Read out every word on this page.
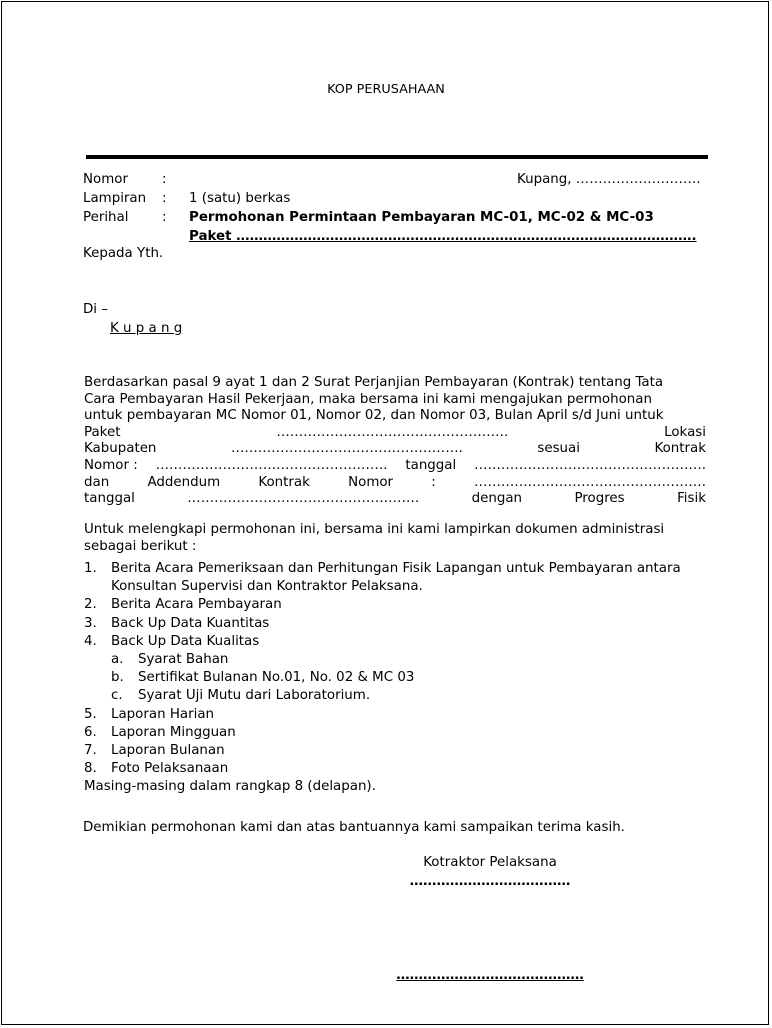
KOP PERUSAHAAN
Nomor	:	Kupang, ……………………….
Lampiran : 1 (satu) berkas
Perihal	: Permohonan Permintaan Pembayaran MC-01, MC-02 & MC-03
Paket ………………………………………………………………………………………….
Kepada Yth.
Di –
K u p a n g
Berdasarkan pasal 9 ayat 1 dan 2 Surat Perjanjian Pembayaran (Kontrak) tentang Tata
Cara Pembayaran Hasil Pekerjaan, maka bersama ini kami mengajukan permohonan
untuk pembayaran MC Nomor 01, Nomor 02, dan Nomor 03, Bulan April s/d Juni untuk
Paket	…………………………………………….	Lokasi
Kabupaten	…………………………………………….	sesuai	Kontrak
Nomor : ……………………………………………. tanggal …………………………………………….
dan	Addendum	Kontrak	Nomor	:	…………………………………………….
tanggal	…………………………………………….	dengan	Progres	Fisik
Untuk melengkapi permohonan ini, bersama ini kami lampirkan dokumen administrasi
sebagai berikut :
1.	Berita Acara Pemeriksaan dan Perhitungan Fisik Lapangan untuk Pembayaran antara
Konsultan Supervisi dan Kontraktor Pelaksana.
2.	Berita Acara Pembayaran
3.	Back Up Data Kuantitas
4.	Back Up Data Kualitas
a.	Syarat Bahan
b.	Sertifikat Bulanan No.01, No. 02 & MC 03
c.	Syarat Uji Mutu dari Laboratorium.
5.	Laporan Harian
6.	Laporan Mingguan
7.	Laporan Bulanan
8.	Foto Pelaksanaan
Masing-masing dalam rangkap 8 (delapan).
Demikian permohonan kami dan atas bantuannya kami sampaikan terima kasih.
Kotraktor Pelaksana
………………………………
……………………………………
